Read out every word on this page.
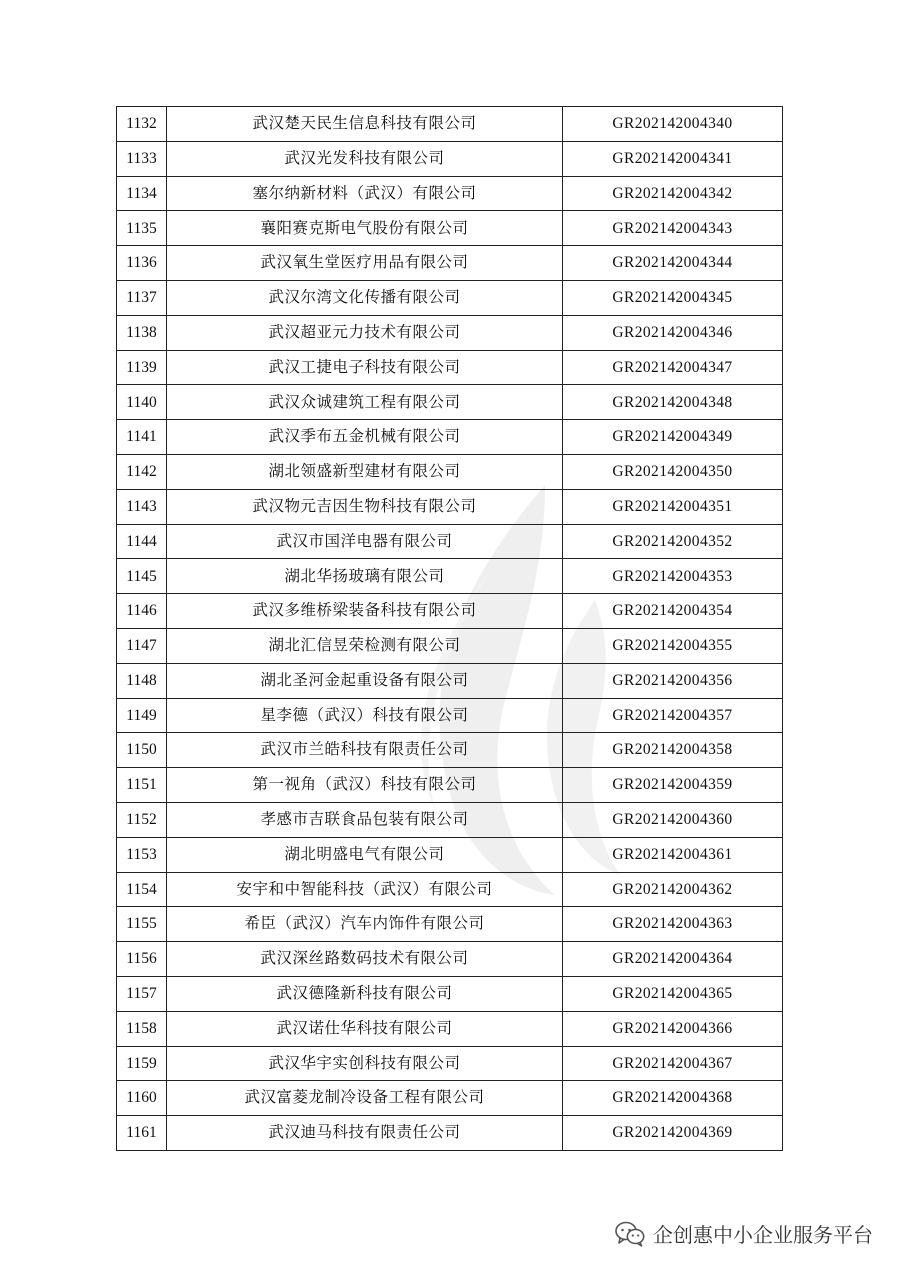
1132	武汉楚天民生信息科技有限公司	GR202142004340
1133	武汉光发科技有限公司	GR202142004341
1134	塞尔纳新材料（武汉）有限公司	GR202142004342
1135	襄阳赛克斯电气股份有限公司	GR202142004343
1136	武汉氧生堂医疗用品有限公司	GR202142004344
1137	武汉尔湾文化传播有限公司	GR202142004345
1138	武汉超亚元力技术有限公司	GR202142004346
1139	武汉工捷电子科技有限公司	GR202142004347
1140	武汉众诚建筑工程有限公司	GR202142004348
1141	武汉季布五金机械有限公司	GR202142004349
1142	湖北领盛新型建材有限公司	GR202142004350
1143	武汉物元吉因生物科技有限公司	GR202142004351
1144	武汉市国洋电器有限公司	GR202142004352
1145	湖北华扬玻璃有限公司	GR202142004353
1146	武汉多维桥梁装备科技有限公司	GR202142004354
1147	湖北汇信昱荣检测有限公司	GR202142004355
1148	湖北圣河金起重设备有限公司	GR202142004356
1149	星李德（武汉）科技有限公司	GR202142004357
1150	武汉市兰皓科技有限责任公司	GR202142004358
1151	第一视角（武汉）科技有限公司	GR202142004359
1152	孝感市吉联食品包装有限公司	GR202142004360
1153	湖北明盛电气有限公司	GR202142004361
1154	安宇和中智能科技（武汉）有限公司	GR202142004362
1155	希臣（武汉）汽车内饰件有限公司	GR202142004363
1156	武汉深丝路数码技术有限公司	GR202142004364
1157	武汉德隆新科技有限公司	GR202142004365
1158	武汉诺仕华科技有限公司	GR202142004366
1159	武汉华宇实创科技有限公司	GR202142004367
1160	武汉富菱龙制冷设备工程有限公司	GR202142004368
1161	武汉迪马科技有限责任公司	GR202142004369
企创惠中小企业服务平台
